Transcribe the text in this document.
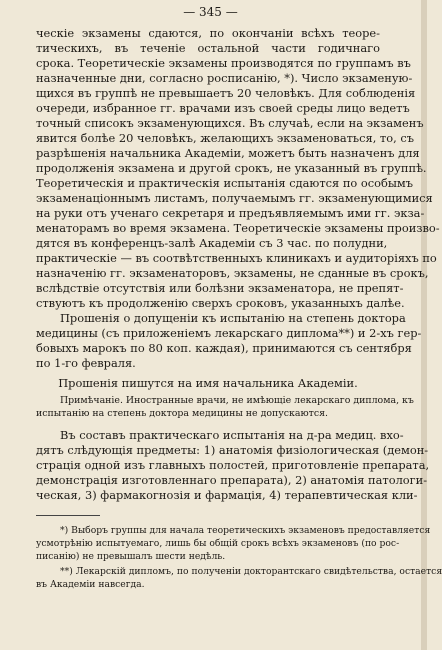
— 345 —
ческіе экзамены сдаются, по окончаніи всѣхъ теоре-
тическихъ, въ теченіе остальной части годичнаго
срока. Теоретическіе экзамены производятся по группамъ въ
назначенные дни, согласно росписанію, *). Число экзаменую-
щихся въ группѣ не превышаетъ 20 человѣкъ. Для соблюденія
очереди, избранное гг. врачами изъ своей среды лицо ведетъ
точный списокъ экзаменующихся. Въ случаѣ, если на экзаменъ
явится болѣе 20 человѣкъ, желающихъ экзаменоваться, то, съ
разрѣшенія начальника Академіи, можетъ быть назначенъ для
продолженія экзамена и другой срокъ, не указанный въ группѣ.
Теоретическія и практическія испытанія сдаются по особымъ
экзаменаціоннымъ листамъ, получаемымъ гг. экзаменующимися
на руки отъ ученаго секретаря и предъявляемымъ ими гг. экза-
менаторамъ во время экзамена. Теоретическіе экзамены произво-
дятся въ конференцъ-залѣ Академіи съ 3 час. по полудни,
практическіе — въ соотвѣтственныхъ клиникахъ и аудиторіяхъ по
назначенію гг. экзаменаторовъ, экзамены, не сданные въ срокъ,
вслѣдствіе отсутствія или болѣзни экзаменатора, не препят-
ствуютъ къ продолженію сверхъ сроковъ, указанныхъ далѣе.
Прошенія о допущеніи къ испытанію на степень доктора
медицины (съ приложеніемъ лекарскаго диплома**) и 2-хъ гер-
бовыхъ марокъ по 80 коп. каждая), принимаются съ сентября
по 1-го февраля.
Прошенія пишутся на имя начальника Академіи.
Примѣчаніе. Иностранные врачи, не имѣющіе лекарскаго диплома, къ
испытанію на степень доктора медицины не допускаются.
Въ составъ практическаго испытанія на д-ра медиц. вхо-
дятъ слѣдующія предметы: 1) анатомія физіологическая (демон-
страція одной изъ главныхъ полостей, приготовленіе препарата,
демонстрація изготовленнаго препарата), 2) анатомія патологи-
ческая, 3) фармакогнозія и фармація, 4) терапевтическая кли-
*) Выборъ группы для начала теоретическихъ экзаменовъ предоставляется
усмотрѣнію испытуемаго, лишь бы общій срокъ всѣхъ экзаменовъ (по рос-
писанію) не превышалъ шести недѣль.
**) Лекарскій дипломъ, по полученіи докторантскаго свидѣтельства, остается
въ Академіи навсегда.
